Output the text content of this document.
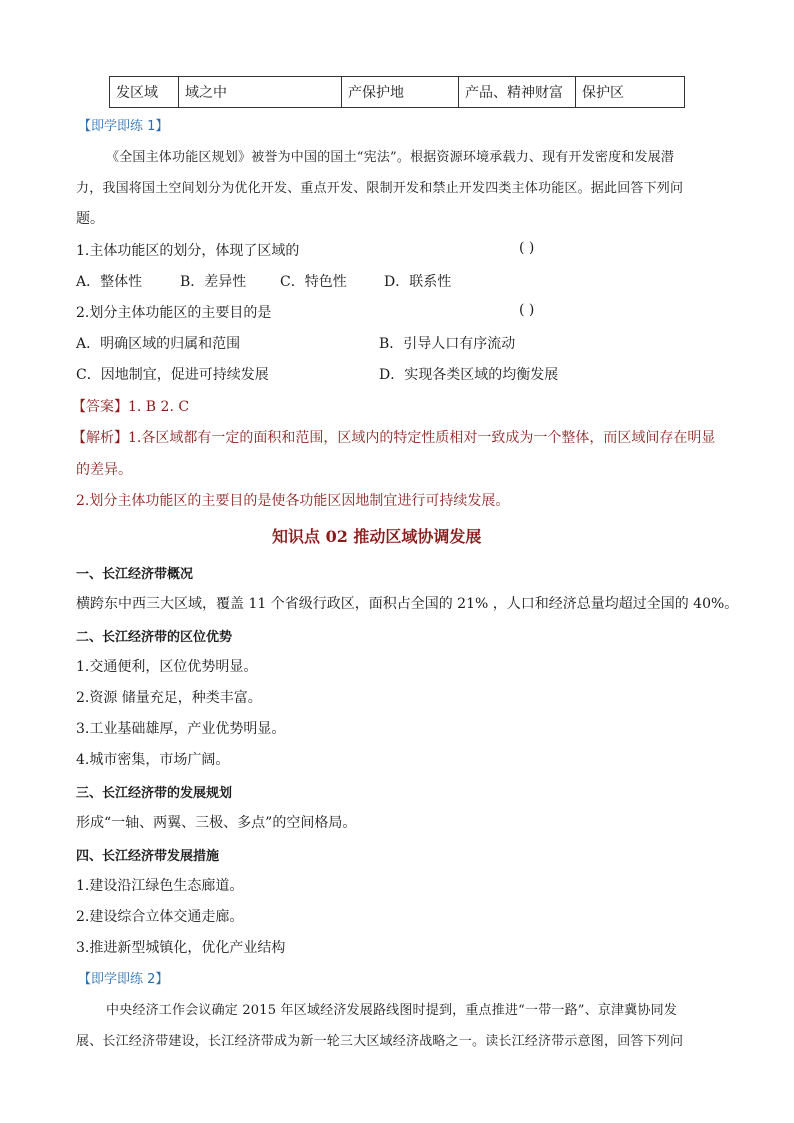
发区域	域之中	产保护地	产品、精神财富	保护区
【即学即练 1】
《全国主体功能区规划》被誉为中国的国土“宪法”。根据资源环境承载力、现有开发密度和发展潜
力，我国将国土空间划分为优化开发、重点开发、限制开发和禁止开发四类主体功能区。据此回答下列问
题。
1.主体功能区的划分，体现了区域的	( )
A．整体性	B．差异性 C．特色性	D．联系性
2.划分主体功能区的主要目的是	( )
A．明确区域的归属和范围	B．引导人口有序流动
C．因地制宜，促进可持续发展	D．实现各类区域的均衡发展
【答案】1. B 2. C
【解析】1.各区域都有一定的面积和范围，区域内的特定性质相对一致成为一个整体，而区域间存在明显
的差异。
2.划分主体功能区的主要目的是使各功能区因地制宜进行可持续发展。
知识点 02 推动区域协调发展
一、长江经济带概况
横跨东中西三大区域，覆盖 11 个省级行政区，面积占全国的 21% ，人口和经济总量均超过全国的 40%。
二、长江经济带的区位优势
1.交通便利，区位优势明显。
2.资源 储量充足，种类丰富。
3.工业基础雄厚，产业优势明显。
4.城市密集，市场广阔。
三、长江经济带的发展规划
形成“一轴、两翼、三极、多点”的空间格局。
四、长江经济带发展措施
1.建设沿江绿色生态廊道。
2.建设综合立体交通走廊。
3.推进新型城镇化，优化产业结构
【即学即练 2】
中央经济工作会议确定 2015 年区域经济发展路线图时提到，重点推进“一带一路”、京津冀协同发
展、长江经济带建设，长江经济带成为新一轮三大区域经济战略之一。读长江经济带示意图，回答下列问
